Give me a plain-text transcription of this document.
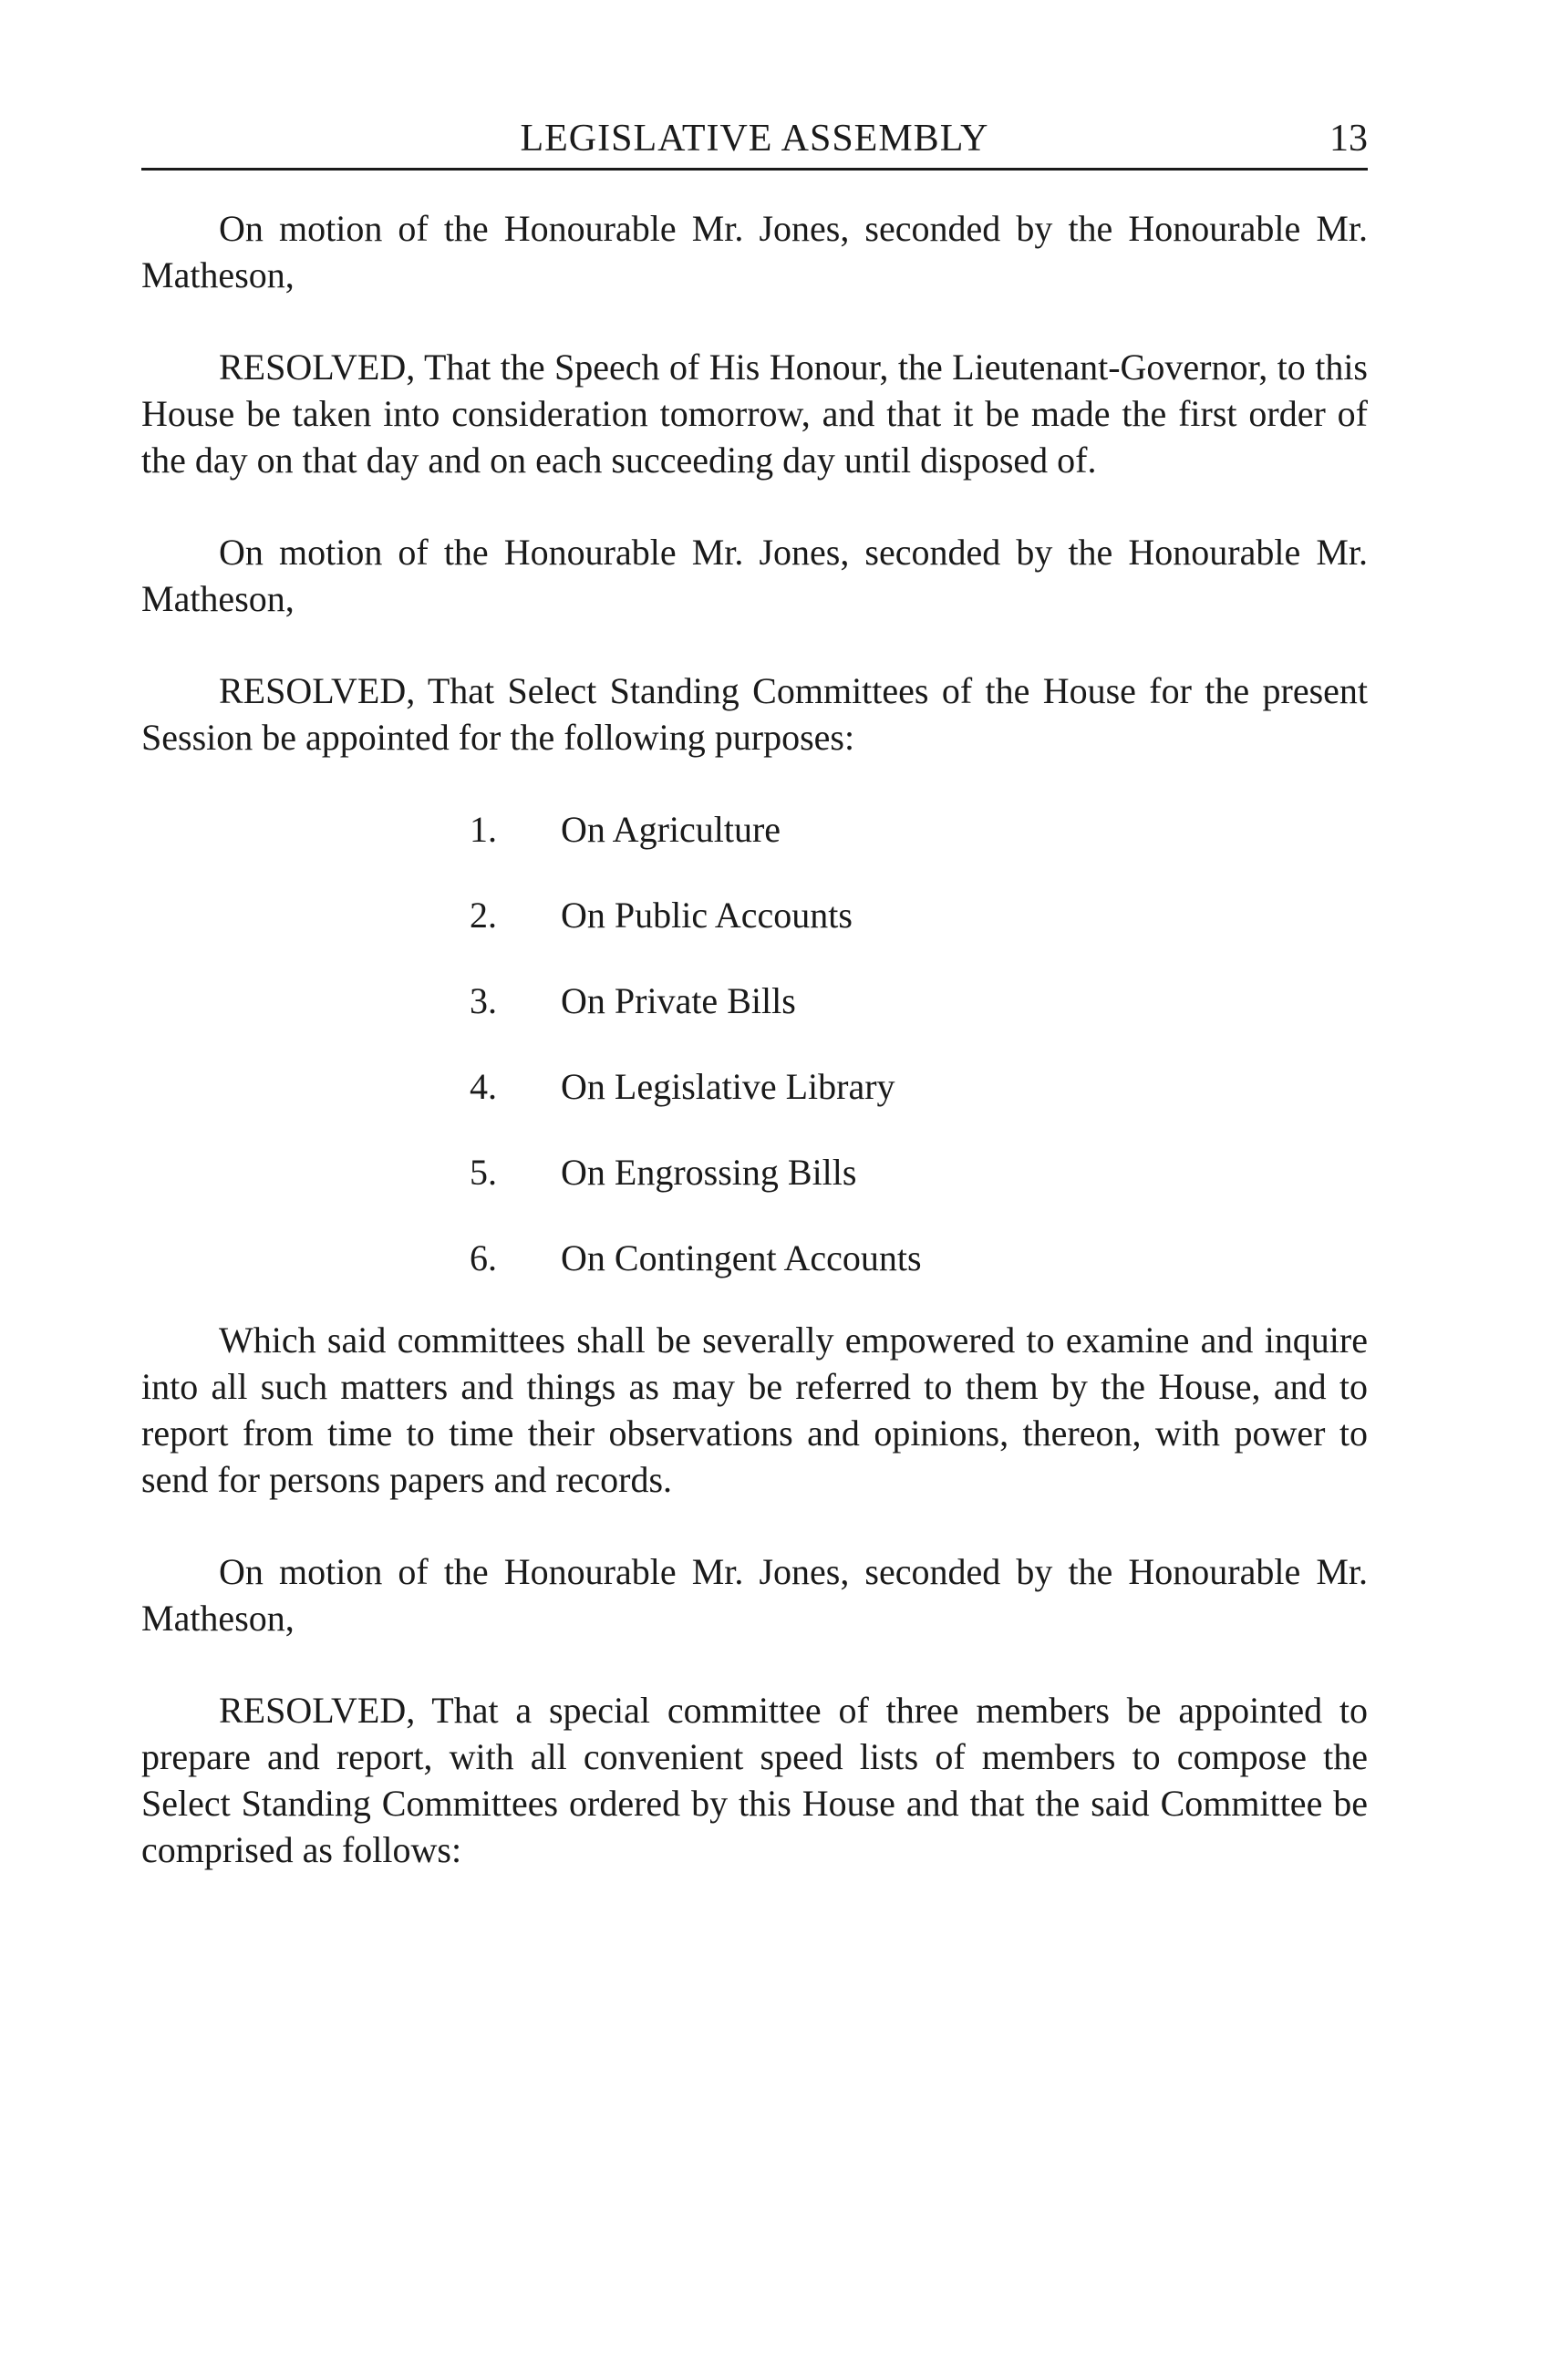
LEGISLATIVE ASSEMBLY	13

On motion of the Honourable Mr. Jones, seconded by the Honourable Mr. Matheson,

RESOLVED, That the Speech of His Honour, the Lieutenant-Governor, to this House be taken into consideration tomorrow, and that it be made the first order of the day on that day and on each succeeding day until disposed of.

On motion of the Honourable Mr. Jones, seconded by the Honourable Mr. Matheson,

RESOLVED, That Select Standing Committees of the House for the present Session be appointed for the following purposes:

1.	On Agriculture
2.	On Public Accounts
3.	On Private Bills
4.	On Legislative Library
5.	On Engrossing Bills
6.	On Contingent Accounts

Which said committees shall be severally empowered to examine and inquire into all such matters and things as may be referred to them by the House, and to report from time to time their observations and opinions, thereon, with power to send for persons papers and records.

On motion of the Honourable Mr. Jones, seconded by the Honourable Mr. Matheson,

RESOLVED, That a special committee of three members be appointed to prepare and report, with all convenient speed lists of members to compose the Select Standing Committees ordered by this House and that the said Committee be comprised as follows:
